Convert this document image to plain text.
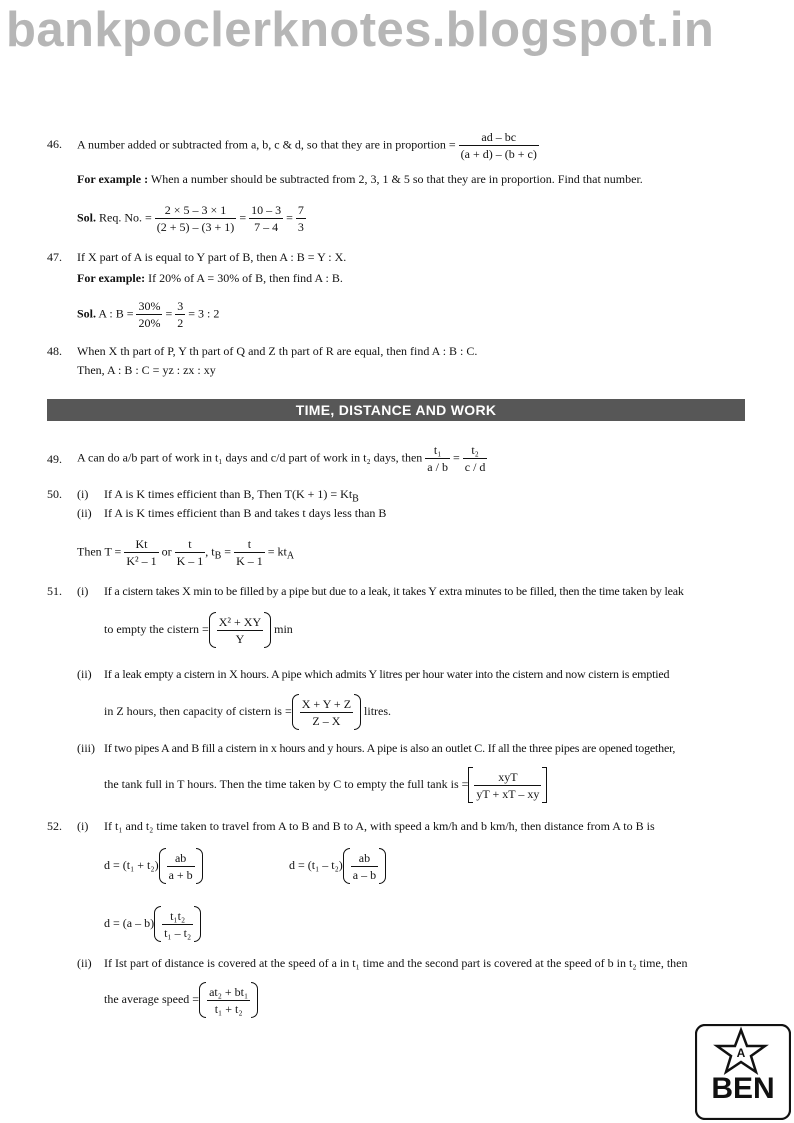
bankpoclerknotes.blogspot.in
46. A number added or subtracted from a, b, c & d, so that they are in proportion = $\frac{ad - bc}{(a + d) - (b + c)}$
For example : When a number should be subtracted from 2, 3, 1 & 5 so that they are in proportion. Find that number.
Sol. Req. No. = $\frac{2 \times 5 - 3 \times 1}{(2 + 5) - (3 + 1)} = \frac{10 - 3}{7 - 4} = \frac{7}{3}$
47. If X part of A is equal to Y part of B, then A : B = Y : X.
For example: If 20% of A = 30% of B, then find A : B.
Sol. A : $B = \frac{30\%}{20\%} = \frac{3}{2} = 3$ : 2
48. When X th part of P, Y th part of Q and Z th part of R are equal, then find A : B : C.
Then, A : B : C = yz : zx : xy
TIME, DISTANCE AND WORK
49. A can do a/b part of work in t₁ days and c/d part of work in t₂ days, then $\frac{\text{t₁}}{a / b} = \frac{\text{t₂}}{c / d}$
50. (i) If A is K times efficient than B, Then $T(K + 1) = Kt_B$
(ii) If A is K times efficient than B and takes t days less than B
Then $T = \frac{Kt}{\text{K² – 1}}$ or $\frac{t}{K - 1}$ , $t_B = \frac{t}{K - 1} = kt_A$
51. (i) If a cistern takes X min to be filled by a pipe but due to a leak, it takes Y extra minutes to be filled, then the time taken by leak
to empty the cistern = $\frac{\text{X² + XY}}{Y}$ min
(ii) If a leak empty a cistern in X hours. A pipe which admits Y litres per hour water into the cistern and now cistern is emptied
in Z hours, then capacity of cistern is = $\frac{X + Y + Z}{Z - X}$ litres.
(iii) If two pipes A and B fill a cistern in x hours and y hours. A pipe is also an outlet C. If all the three pipes are opened together,
the tank full in T hours. Then the time taken by C to empty the full tank is =
xyT
yT + xT – xy
52. (i) If t₁ and t₂ time taken to travel from A to B and B to A, with speed a km/h and b km/h, then distance from A to B is
$d = (t_1 + t_2) \frac{ab}{a + b}$	$d = (t_1 - t_2) \frac{ab}{a - b}$
$d = (a - b) \frac{\text{t₁t₂}}{\text{t₁ – t₂}}$
(ii) If Ist part of distance is covered at the speed of a in t₁ time and the second part is covered at the speed of b in t₂ time, then
the average speed = $\frac{\text{at₂ + bt₁}}{\text{t₁ + t₂}}$
A
BEN
